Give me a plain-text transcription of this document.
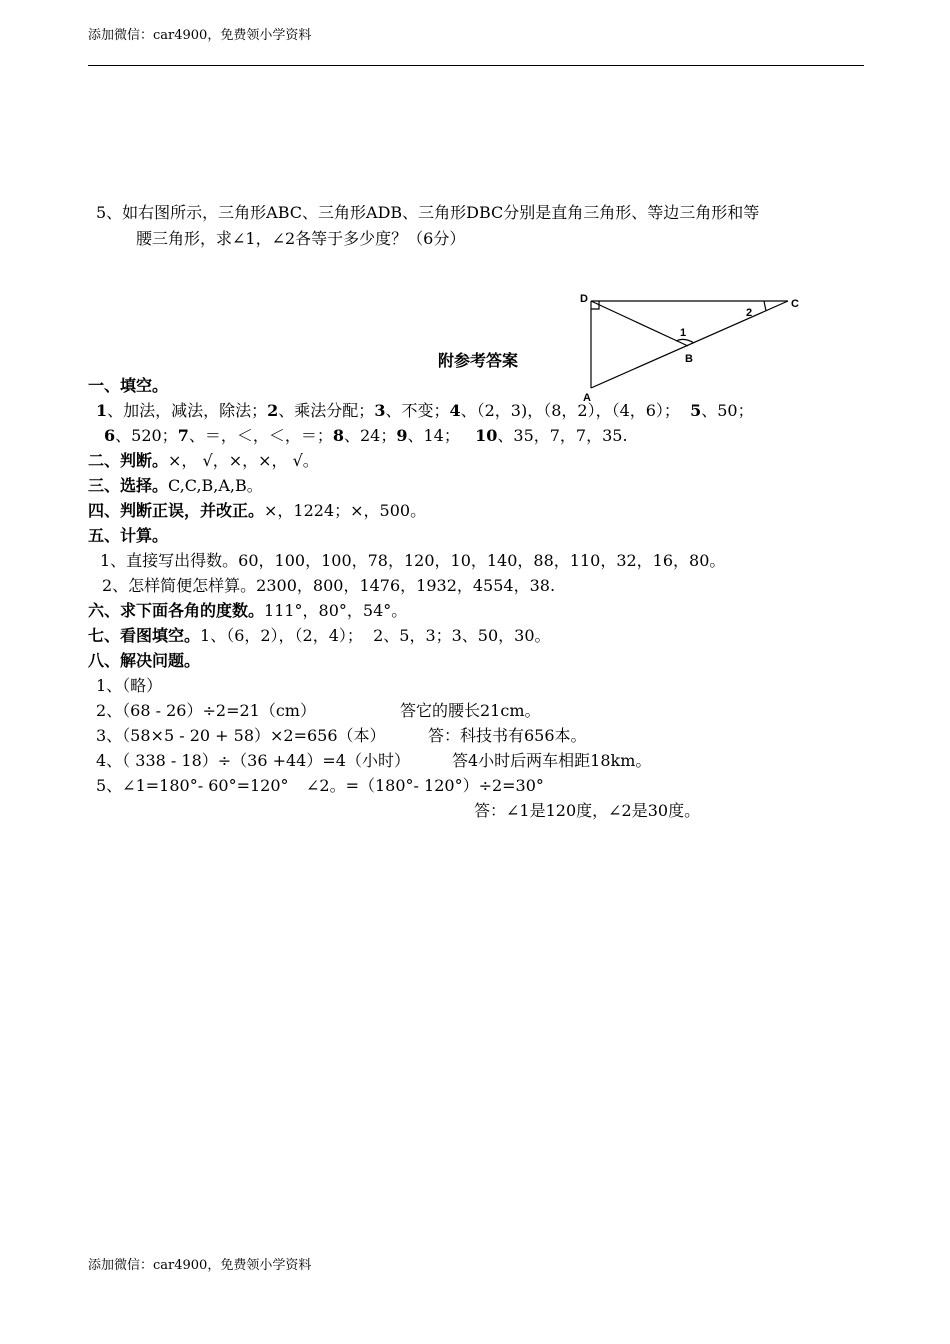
添加微信：car4900，免费领小学资料
5、如右图所示，三角形ABC、三角形ADB、三角形DBC分别是直角三角形、等边三角形和等
腰三角形，求∠1，∠2各等于多少度？（6分）
D	C
A
B
1
2
附参考答案
一、填空。
1、加法，减法，除法；2、乘法分配；3、不变；4、（2，3)，（8，2），（4，6）；  5、50；
6、520；7、＝，＜，＜，＝；8、24；9、14；   10、35，7，7，35.
二、判断。×， √，×，×， √。
三、选择。C,C,B,A,B。
四、判断正误，并改正。×，1224；×，500。
五、计算。
1、直接写出得数。60，100，100，78，120，10，140，88，110，32，16，80。
2、怎样简便怎样算。2300，800，1476，1932，4554，38.
六、求下面各角的度数。111°，80°，54°。
七、看图填空。1、（6，2），（2，4）；  2、5，3；3、50，30。
八、解决问题。
1、（略）
2、（68 - 26）÷2=21（cm）	答它的腰长21cm。
3、（58×5 - 20 + 58）×2=656（本）	答：科技书有656本。
4、（ 338 - 18）÷（36 +44）=4（小时）	答4小时后两车相距18km。
5、∠1=180°- 60°=120° ∠2。=（180°- 120°）÷2=30°
答：∠1是120度，∠2是30度。
添加微信：car4900，免费领小学资料
